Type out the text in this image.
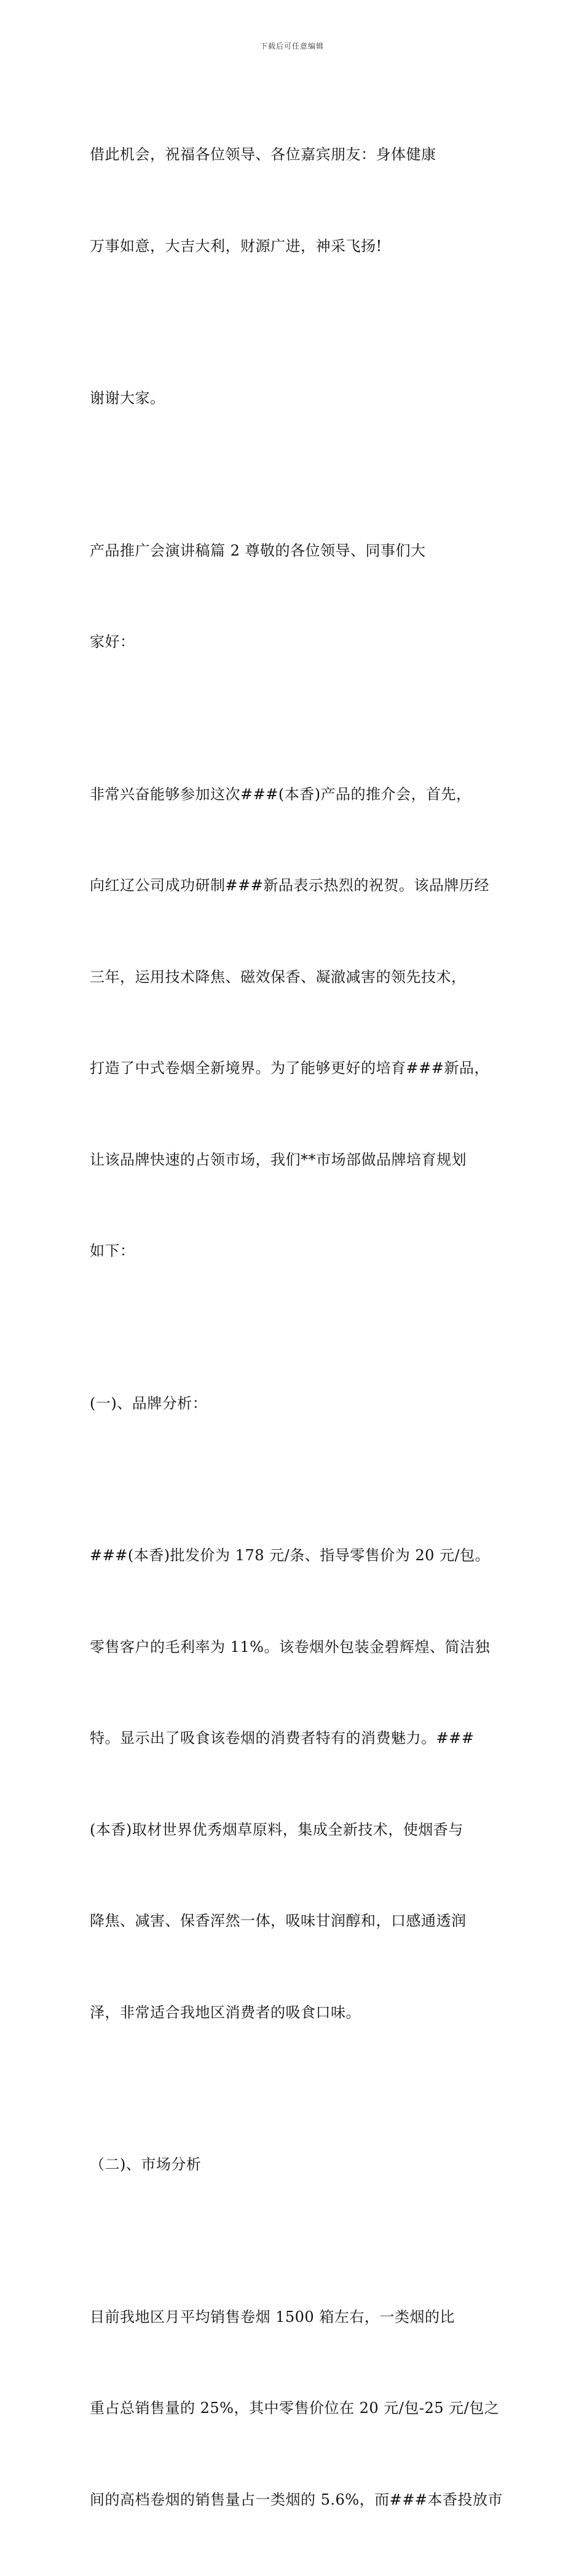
下载后可任意编辑

借此机会，祝福各位领导、各位嘉宾朋友：身体健康

万事如意，大吉大利，财源广进，神采飞扬!

谢谢大家。

产品推广会演讲稿篇 2 尊敬的各位领导、同事们大

家好：

非常兴奋能够参加这次###(本香)产品的推介会，首先，

向红辽公司成功研制###新品表示热烈的祝贺。该品牌历经

三年，运用技术降焦、磁效保香、凝澈减害的领先技术，

打造了中式卷烟全新境界。为了能够更好的培育###新品，

让该品牌快速的占领市场，我们**市场部做品牌培育规划

如下：

(一)、品牌分析：

###(本香)批发价为 178 元/条、指导零售价为 20 元/包。

零售客户的毛利率为 11%。该卷烟外包装金碧辉煌、简洁独

特。显示出了吸食该卷烟的消费者特有的消费魅力。###

(本香)取材世界优秀烟草原料，集成全新技术，使烟香与

降焦、减害、保香浑然一体，吸味甘润醇和，口感通透润

泽，非常适合我地区消费者的吸食口味。

（二)、市场分析

目前我地区月平均销售卷烟 1500 箱左右，一类烟的比

重占总销售量的 25%，其中零售价位在 20 元/包-25 元/包之

间的高档卷烟的销售量占一类烟的 5.6%，而###本香投放市
